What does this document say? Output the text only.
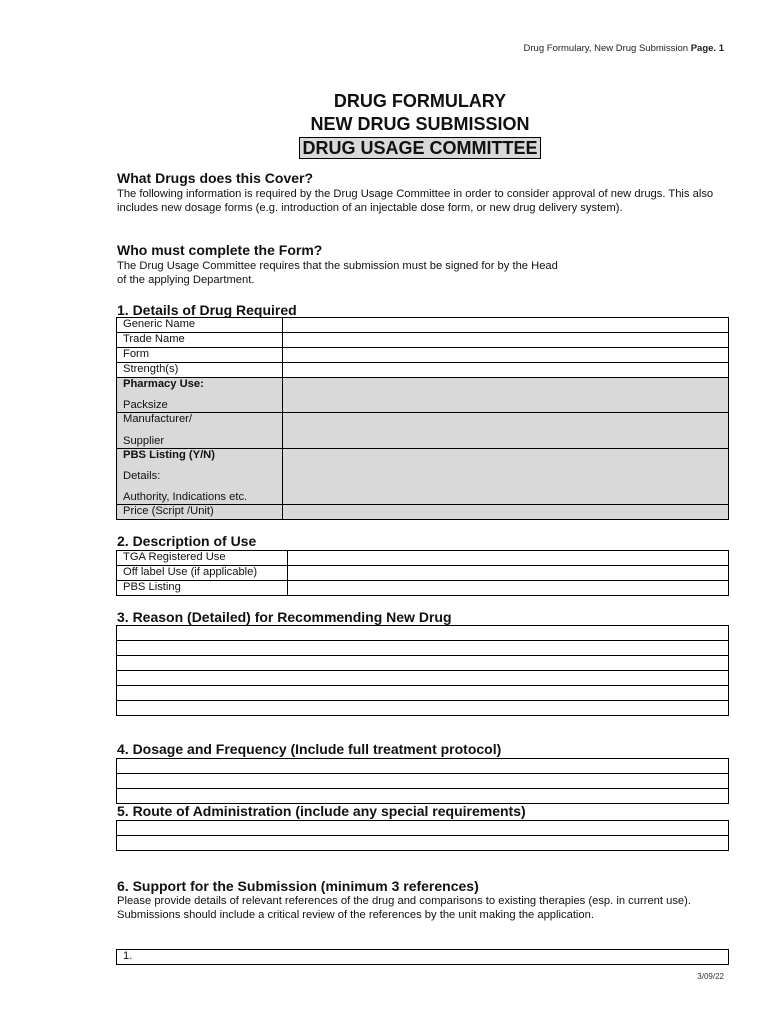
Drug Formulary, New Drug Submission Page. 1
DRUG FORMULARY
NEW DRUG SUBMISSION
DRUG USAGE COMMITTEE
What Drugs does this Cover?

The following information is required by the Drug Usage Committee in order to consider approval of new drugs. This also includes new dosage forms (e.g. introduction of an injectable dose form, or new drug delivery system).

Who must complete the Form?

The Drug Usage Committee requires that the submission must be signed for by the Head
of the applying Department.

1. Details of Drug Required
Generic Name	
Trade Name	
Form	
Strength(s)	

Pharmacy Use:
Packsize	

Manufacturer/
Supplier	

PBS Listing (Y/N)
Details:
Authority, Indications etc.	

Price (Script /Unit)	
2. Description of Use
TGA Registered Use	
Off label Use (if applicable)	
PBS Listing	
3. Reason (Detailed) for Recommending New Drug

4. Dosage and Frequency (Include full treatment protocol)

5. Route of Administration (include any special requirements)

6. Support for the Submission (minimum 3 references)

Please provide details of relevant references of the drug and comparisons to existing therapies (esp. in current use). Submissions should include a critical review of the references by the unit making the application.

1.
3/09/22
